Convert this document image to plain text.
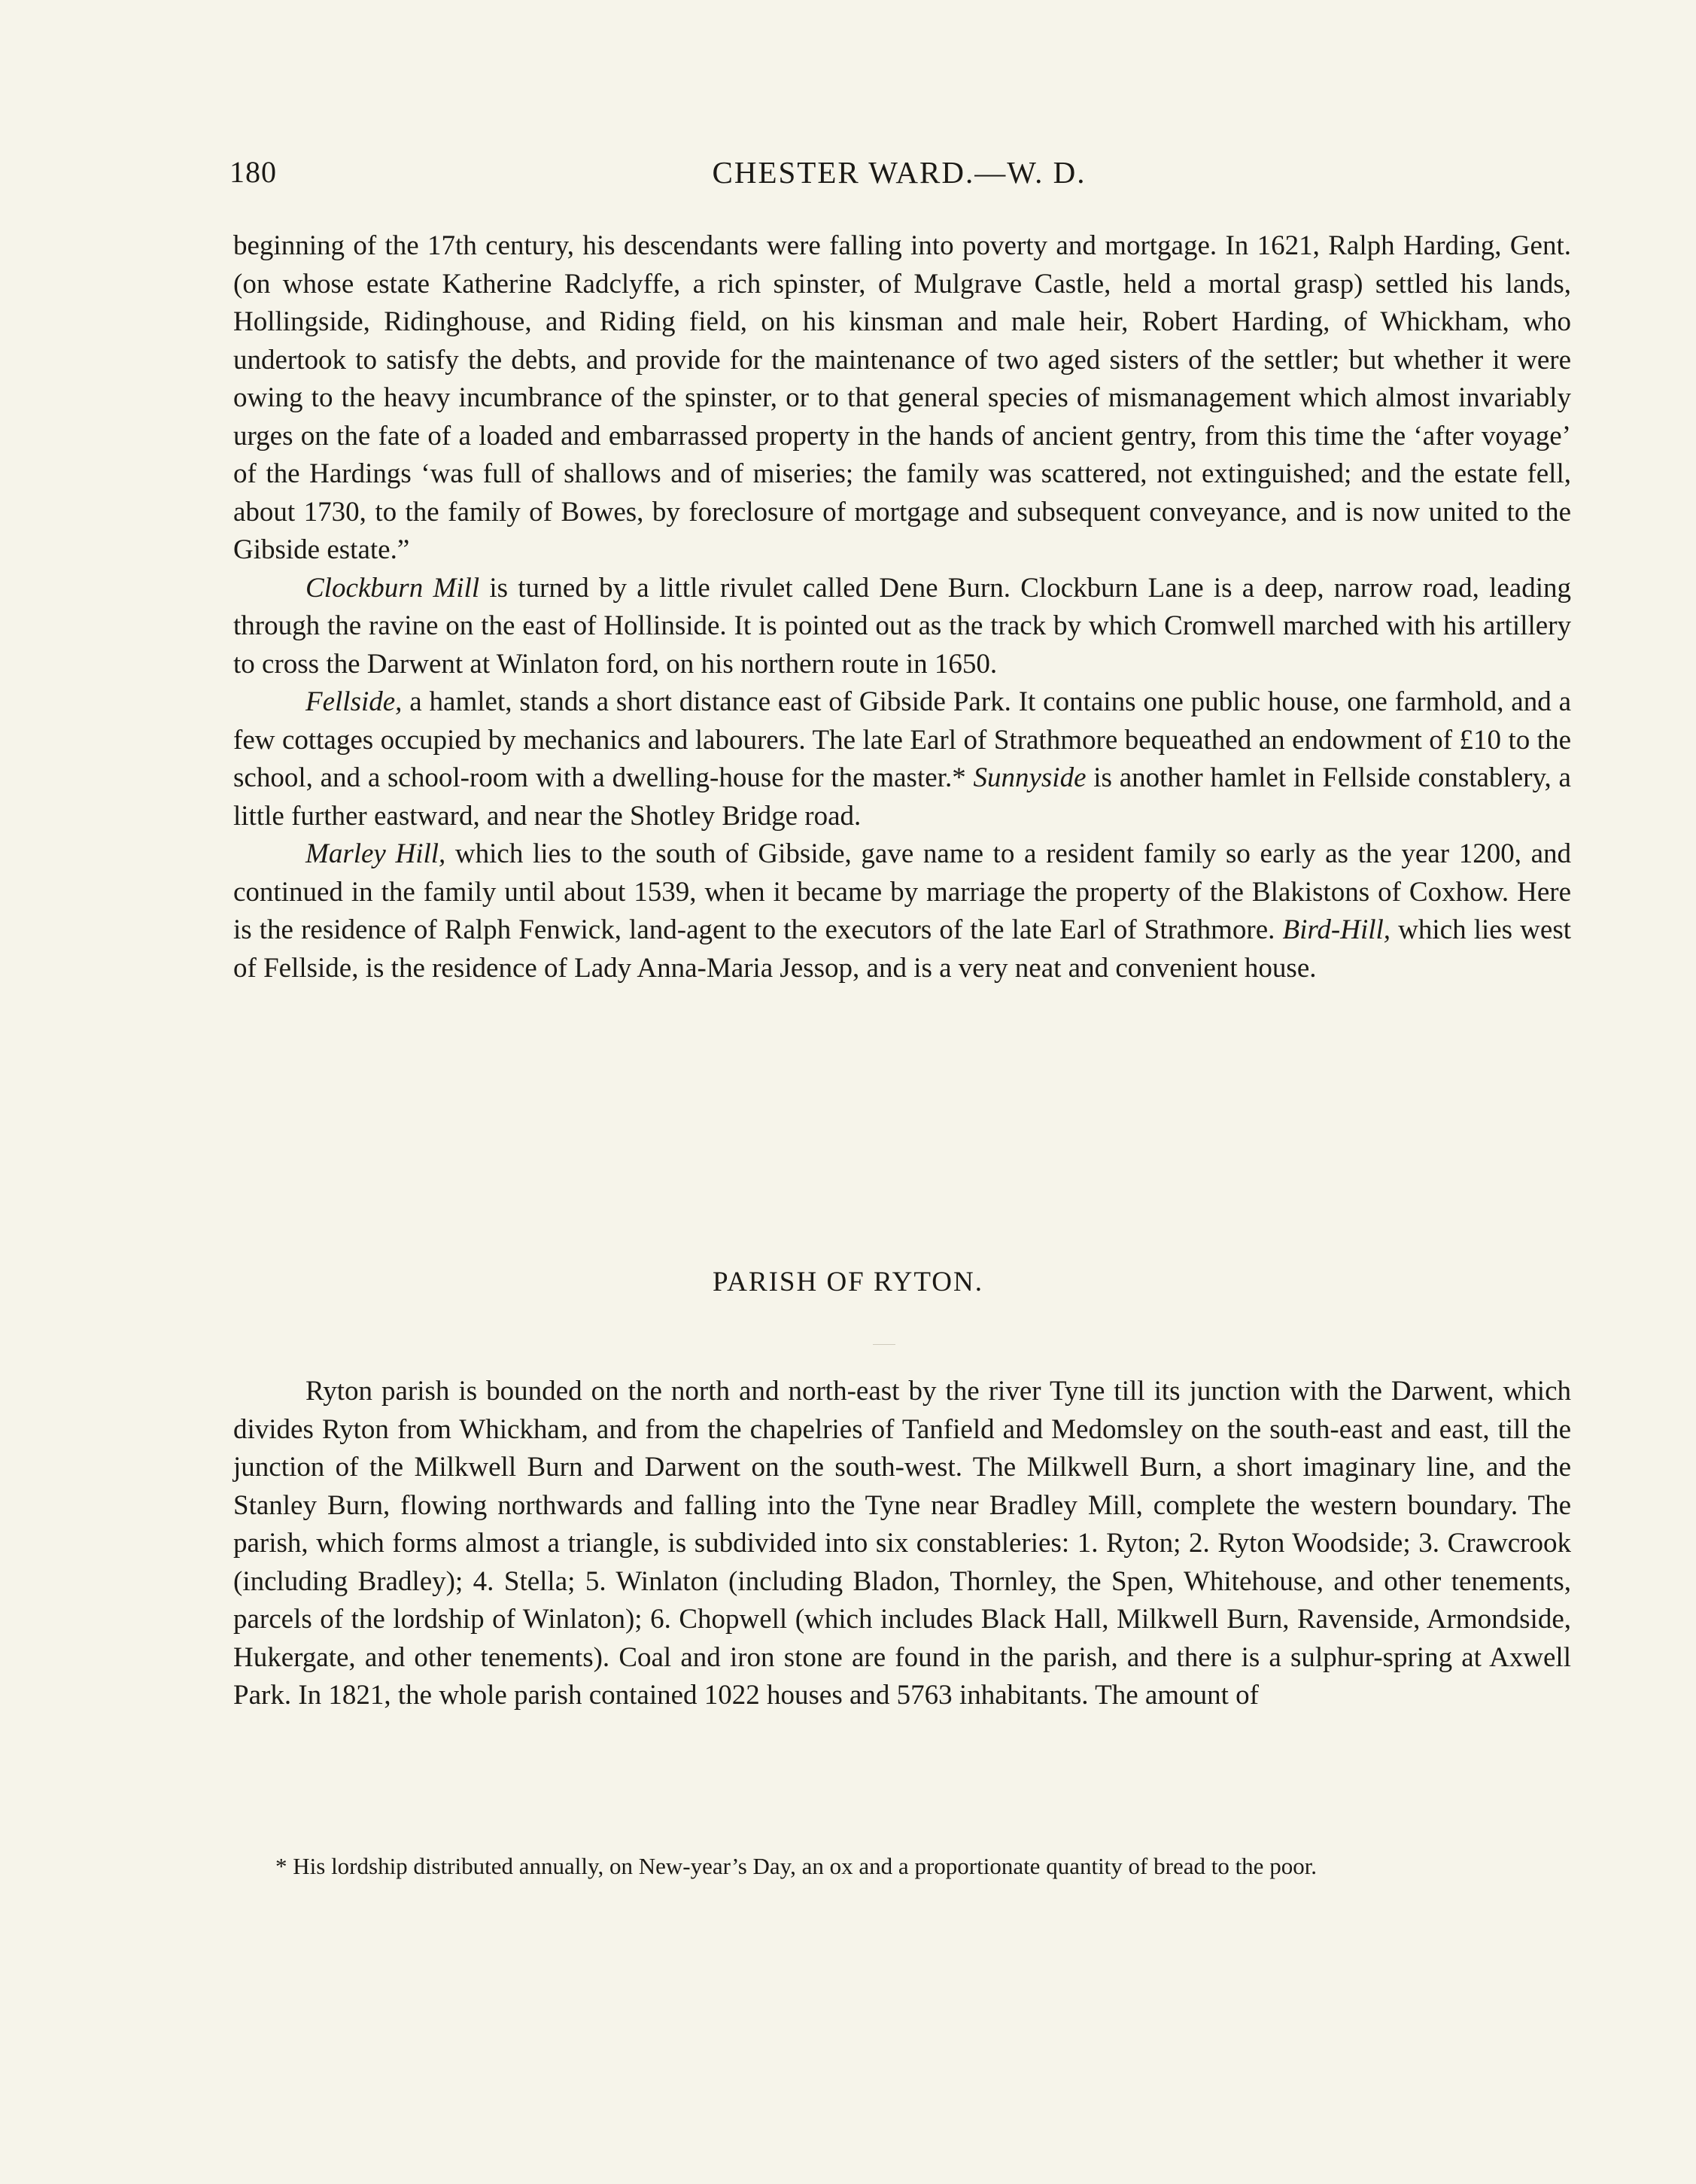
180	CHESTER WARD.—W. D.

beginning of the 17th century, his descendants were falling into poverty and mortgage. In 1621, Ralph Harding, Gent. (on whose estate Katherine Radclyffe, a rich spinster, of Mulgrave Castle, held a mortal grasp) settled his lands, Hollingside, Ridinghouse, and Riding field, on his kinsman and male heir, Robert Harding, of Whickham, who undertook to satisfy the debts, and provide for the maintenance of two aged sisters of the settler; but whether it were owing to the heavy incumbrance of the spinster, or to that general species of mismanagement which almost invariably urges on the fate of a loaded and embarrassed property in the hands of ancient gentry, from this time the ‘after voyage’ of the Hardings ‘was full of shallows and of miseries; the family was scattered, not extinguished; and the estate fell, about 1730, to the family of Bowes, by foreclosure of mortgage and subsequent conveyance, and is now united to the Gibside estate.”

Clockburn Mill is turned by a little rivulet called Dene Burn. Clockburn Lane is a deep, narrow road, leading through the ravine on the east of Hollinside. It is pointed out as the track by which Cromwell marched with his artillery to cross the Darwent at Winlaton ford, on his northern route in 1650.

Fellside, a hamlet, stands a short distance east of Gibside Park. It contains one public house, one farmhold, and a few cottages occupied by mechanics and labourers. The late Earl of Strathmore bequeathed an endowment of £10 to the school, and a school-room with a dwelling-house for the master.* Sunnyside is another hamlet in Fellside constablery, a little further eastward, and near the Shotley Bridge road.

Marley Hill, which lies to the south of Gibside, gave name to a resident family so early as the year 1200, and continued in the family until about 1539, when it became by marriage the property of the Blakistons of Coxhow. Here is the residence of Ralph Fenwick, land-agent to the executors of the late Earl of Strathmore. Bird-Hill, which lies west of Fellside, is the residence of Lady Anna-Maria Jessop, and is a very neat and convenient house.

PARISH OF RYTON.

Ryton parish is bounded on the north and north-east by the river Tyne till its junction with the Darwent, which divides Ryton from Whickham, and from the chapelries of Tanfield and Medomsley on the south-east and east, till the junction of the Milkwell Burn and Darwent on the south-west. The Milkwell Burn, a short imaginary line, and the Stanley Burn, flowing northwards and falling into the Tyne near Bradley Mill, complete the western boundary. The parish, which forms almost a triangle, is subdivided into six constableries: 1. Ryton; 2. Ryton Woodside; 3. Crawcrook (including Bradley); 4. Stella; 5. Winlaton (including Bladon, Thornley, the Spen, Whitehouse, and other tenements, parcels of the lordship of Winlaton); 6. Chopwell (which includes Black Hall, Milkwell Burn, Ravenside, Armondside, Hukergate, and other tenements). Coal and iron stone are found in the parish, and there is a sulphur-spring at Axwell Park. In 1821, the whole parish contained 1022 houses and 5763 inhabitants. The amount of

* His lordship distributed annually, on New-year’s Day, an ox and a proportionate quantity of bread to the poor.
